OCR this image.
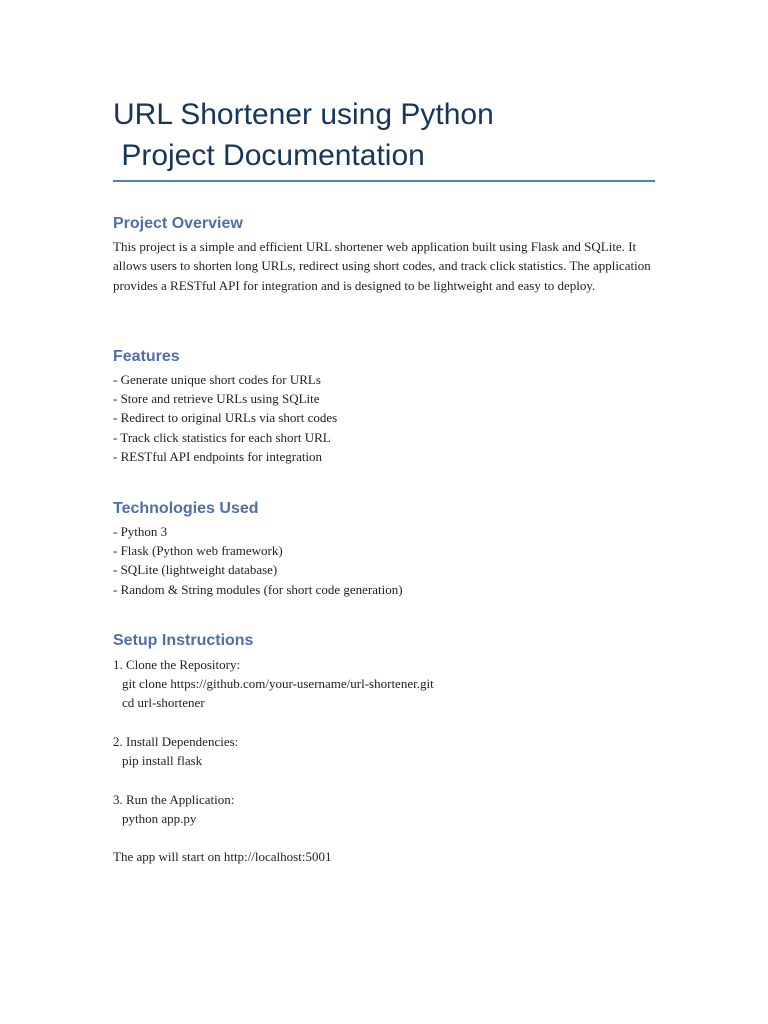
URL Shortener using Python
Project Documentation
Project Overview

This project is a simple and efficient URL shortener web application built using Flask and SQLite. It allows users to shorten long URLs, redirect using short codes, and track click statistics. The application provides a RESTful API for integration and is designed to be lightweight and easy to deploy.

Features
- Generate unique short codes for URLs
- Store and retrieve URLs using SQLite
- Redirect to original URLs via short codes
- Track click statistics for each short URL
- RESTful API endpoints for integration
Technologies Used
- Python 3
- Flask (Python web framework)
- SQLite (lightweight database)
- Random & String modules (for short code generation)
Setup Instructions
1. Clone the Repository:
git clone https://github.com/your-username/url-shortener.git
cd url-shortener
2. Install Dependencies:
pip install flask
3. Run the Application:
python app.py

The app will start on http://localhost:5001
